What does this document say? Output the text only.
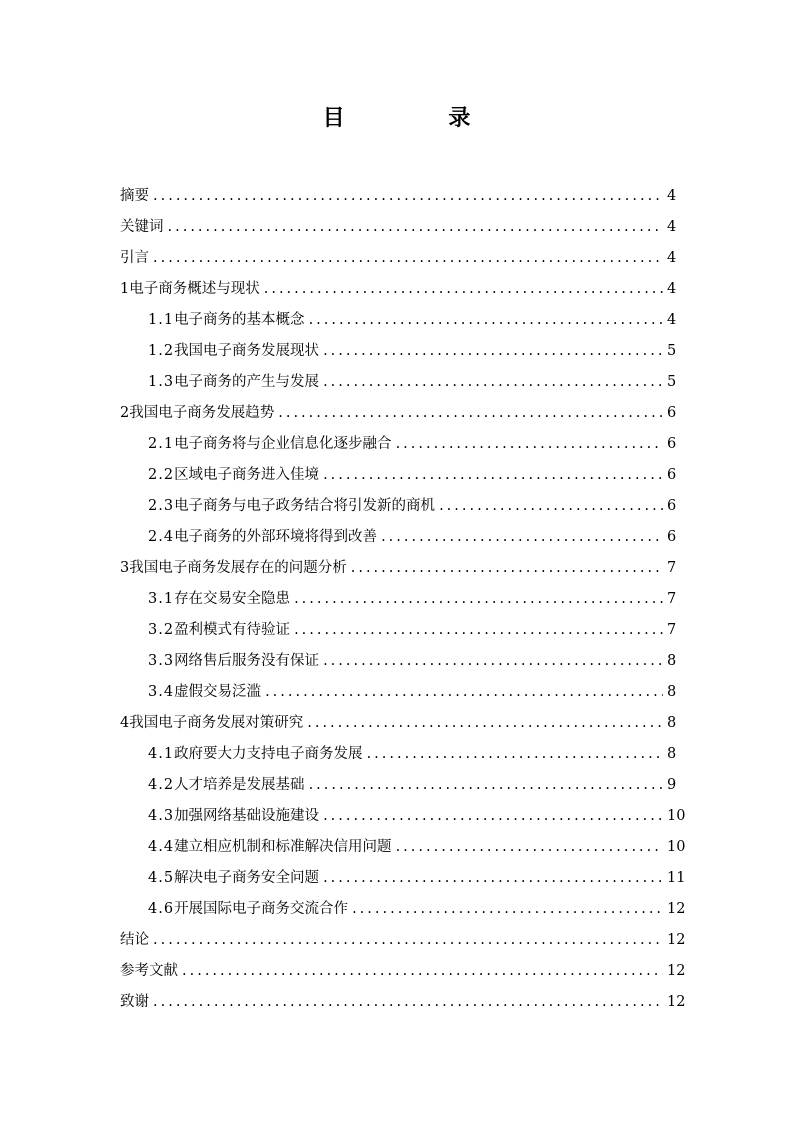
目 录
摘要 .....	4
关键词 .....	4
引言 .....	4
1 电子商务概述与现状 .....	4
1.1 电子商务的基本概念 .....	4
1.2 我国电子商务发展现状 .....	5
1.3 电子商务的产生与发展 .....	5
2 我国电子商务发展趋势 .....	6
2.1 电子商务将与企业信息化逐步融合 .....	6
2.2 区域电子商务进入佳境 .....	6
2.3 电子商务与电子政务结合将引发新的商机 .....	6
2.4 电子商务的外部环境将得到改善 .....	6
3 我国电子商务发展存在的问题分析 .....	7
3.1 存在交易安全隐患 .....	7
3.2 盈利模式有待验证 .....	7
3.3 网络售后服务没有保证 .....	8
3.4 虚假交易泛滥 .....	8
4 我国电子商务发展对策研究 .....	8
4.1 政府要大力支持电子商务发展 .....	8
4.2 人才培养是发展基础 .....	9
4.3 加强网络基础设施建设 .....	10
4.4 建立相应机制和标准解决信用问题 .....	10
4.5 解决电子商务安全问题 .....	11
4.6 开展国际电子商务交流合作 .....	12
结论 .....	12
参考文献 .....	12
致谢 .....	12
